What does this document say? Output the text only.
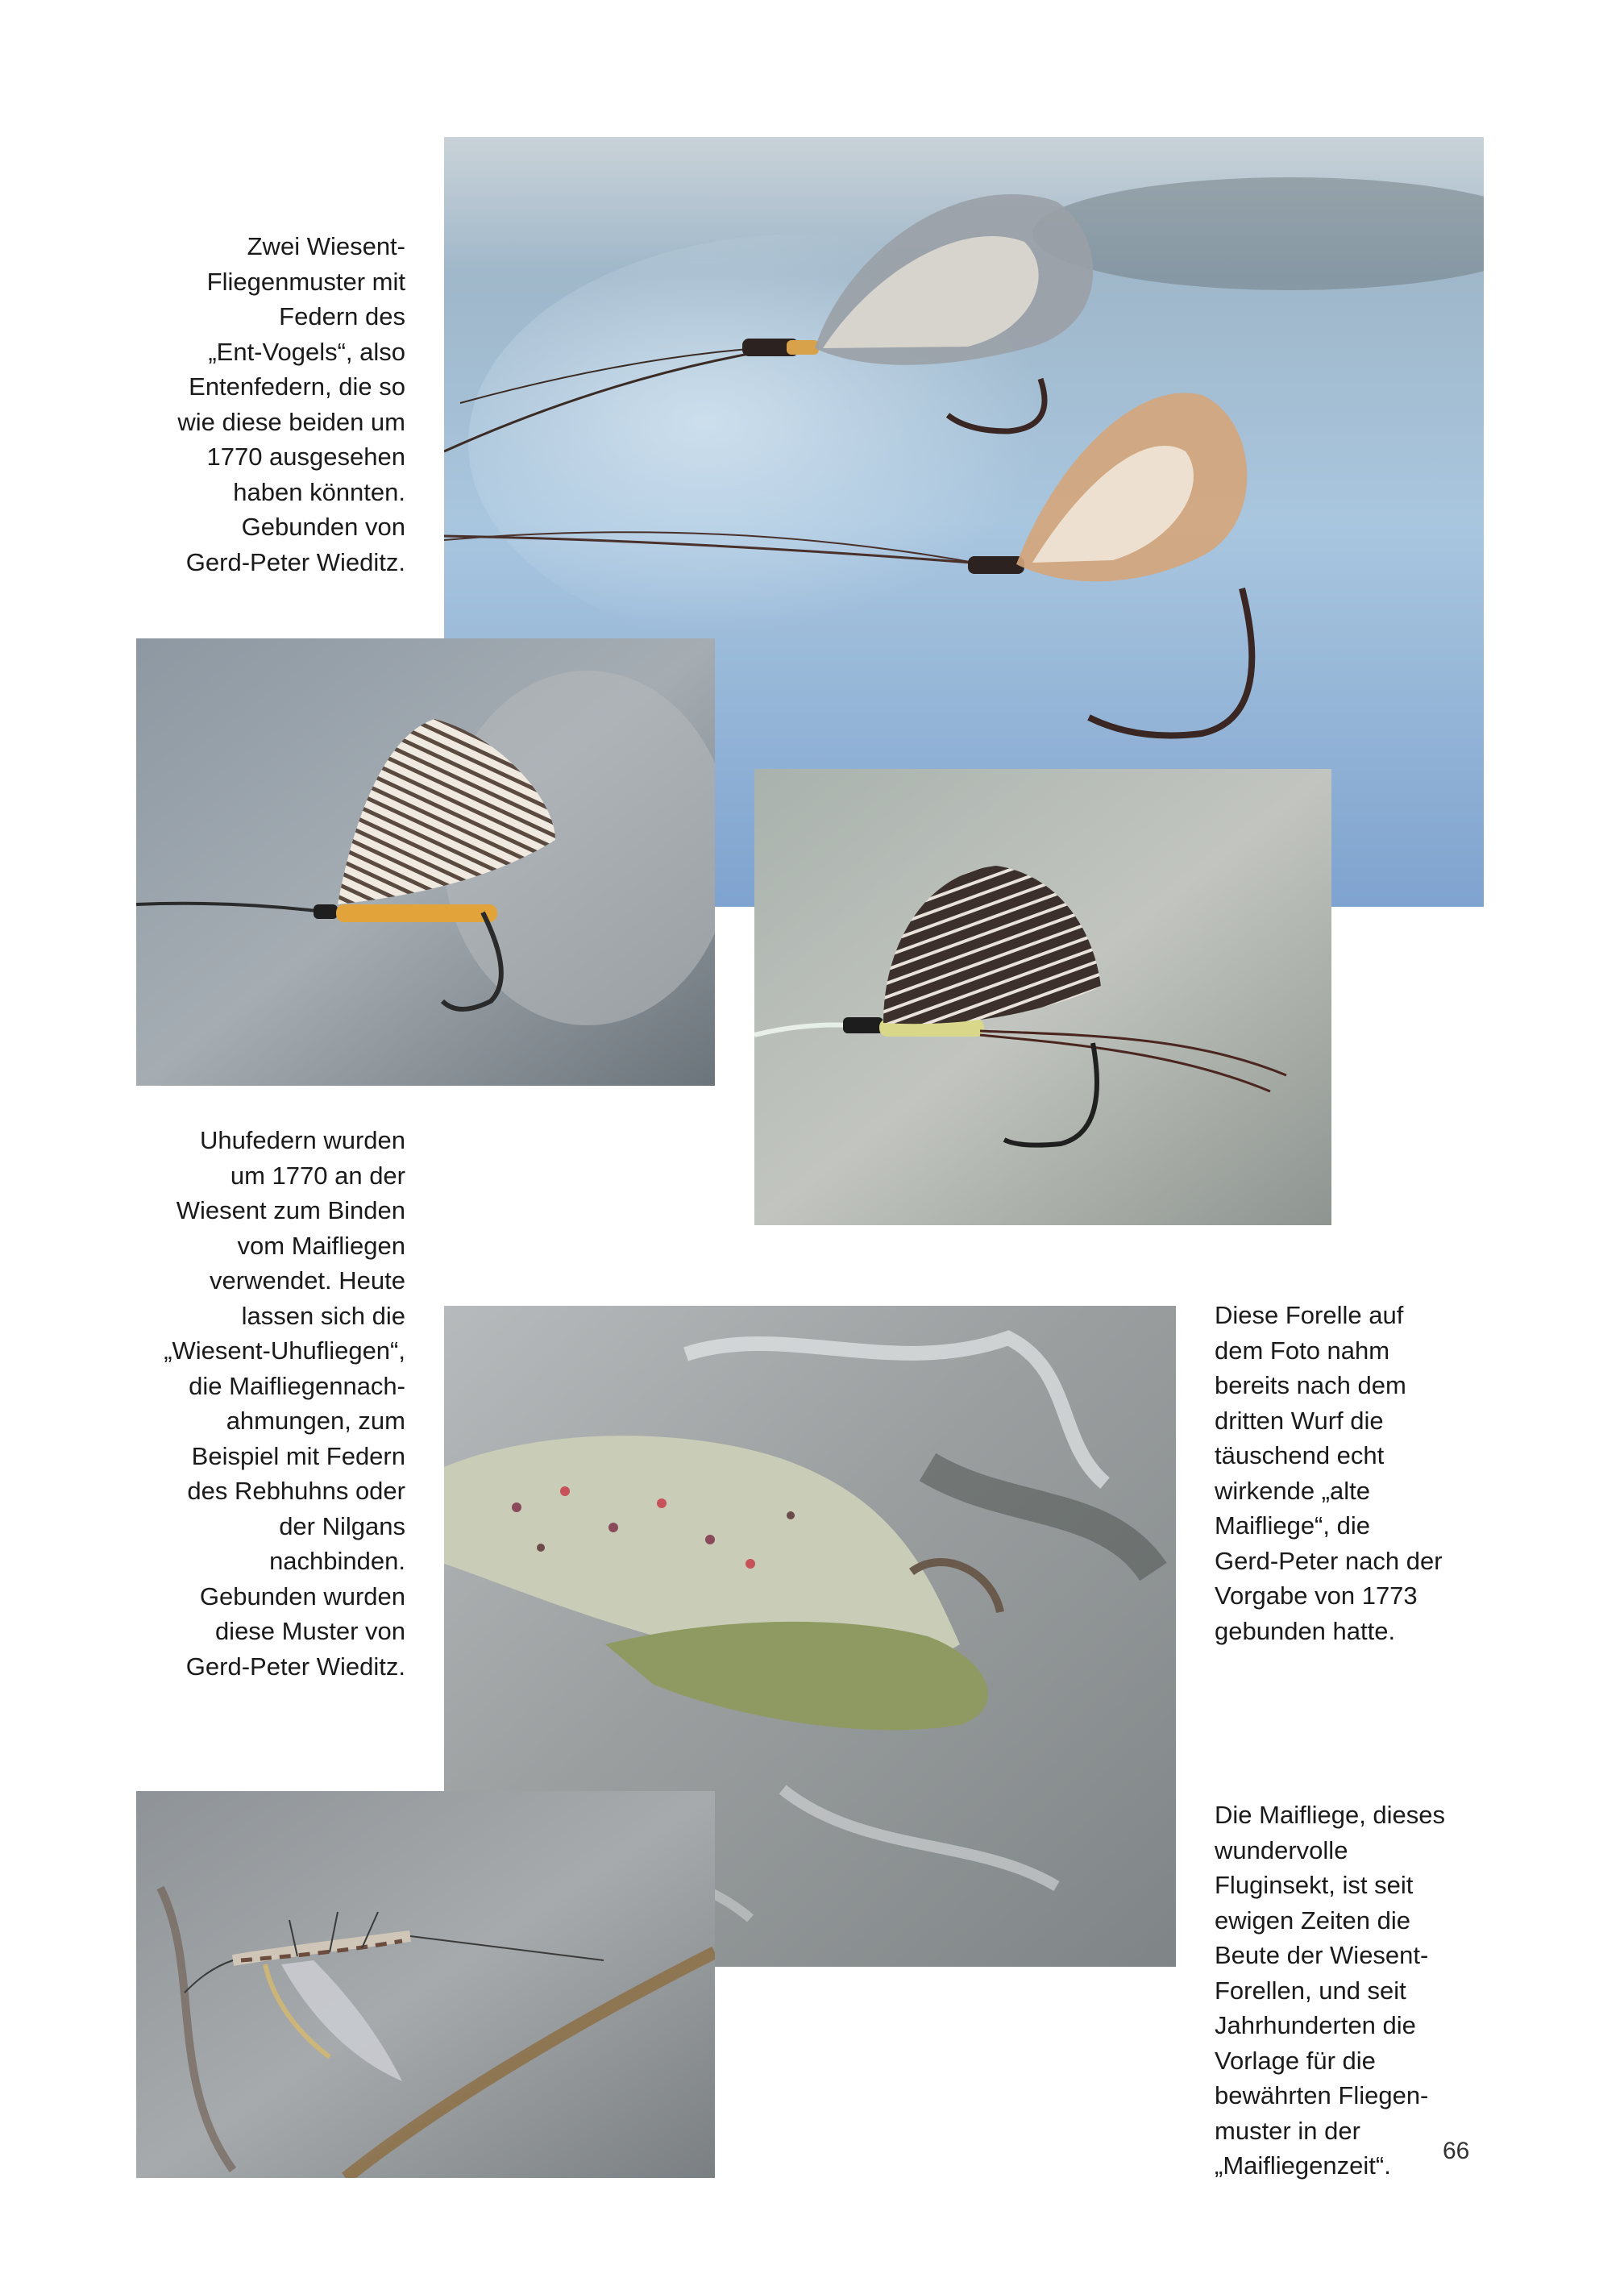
Zwei Wiesent-
Fliegenmuster mit
Federn des
„Ent-Vogels“, also
Entenfedern, die so
wie diese beiden um
1770 ausgesehen
haben könnten.
Gebunden von
Gerd-Peter Wieditz.

Uhufedern wurden
um 1770 an der
Wiesent zum Binden
vom Maifliegen
verwendet. Heute
lassen sich die
„Wiesent-Uhufliegen“,
die Maifliegennach-
ahmungen, zum
Beispiel mit Federn
des Rebhuhns oder
der Nilgans
nachbinden.
Gebunden wurden
diese Muster von
Gerd-Peter Wieditz.

Diese Forelle auf
dem Foto nahm
bereits nach dem
dritten Wurf die
täuschend echt
wirkende „alte
Maifliege“, die
Gerd-Peter nach der
Vorgabe von 1773
gebunden hatte.

Die Maifliege, dieses
wundervolle
Fluginsekt, ist seit
ewigen Zeiten die
Beute der Wiesent-
Forellen, und seit
Jahrhunderten die
Vorlage für die
bewährten Fliegen-
muster in der
„Maifliegenzeit“.

66
